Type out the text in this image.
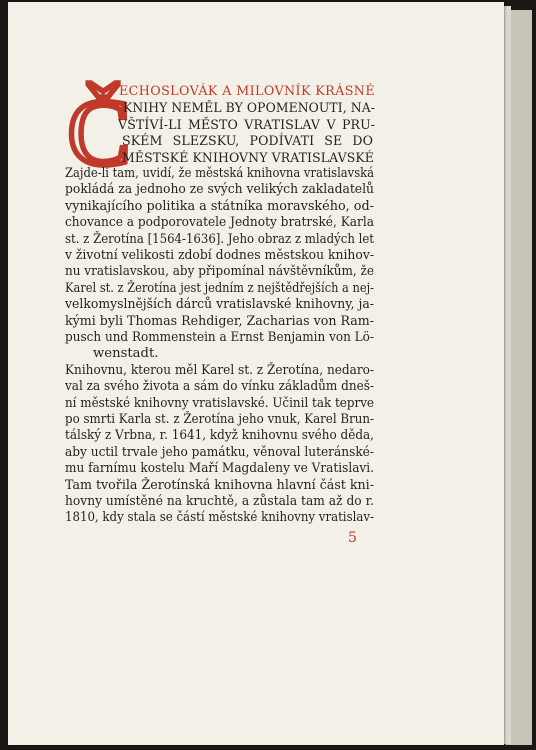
Č
ECHOSLOVÁK A MILOVNÍK KRÁSNÉ
KNIHY NEMĚL BY OPOMENOUTI, NA-
VŠTÍVÍ-LI MĚSTO VRATISLAV V PRU-
SKÉM SLEZSKU, PODÍVATI SE DO
MĚSTSKÉ KNIHOVNY VRATISLAVSKÉ
Zajde-li tam, uvidí, že městská knihovna vratislavská
pokládá za jednoho ze svých velikých zakladatelů
vynikajícího politika a státníka moravského, od-
chovance a podporovatele Jednoty bratrské, Karla
st. z Žerotína [1564-1636]. Jeho obraz z mladých let
v životní velikosti zdobí dodnes městskou knihov-
nu vratislavskou, aby připomínal návštěvníkům, že
Karel st. z Žerotína jest jedním z nejštědřejších a nej-
velkomyslnějších dárců vratislavské knihovny, ja-
kými byli Thomas Rehdiger, Zacharias von Ram-
pusch und Rommenstein a Ernst Benjamin von Lö-
wenstadt.
Knihovnu, kterou měl Karel st. z Žerotína, nedaro-
val za svého života a sám do vínku základům dneš-
ní městské knihovny vratislavské. Učinil tak teprve
po smrti Karla st. z Žerotína jeho vnuk, Karel Brun-
tálský z Vrbna, r. 1641, když knihovnu svého děda,
aby uctil trvale jeho památku, věnoval luteránské-
mu farnímu kostelu Maří Magdaleny ve Vratislavi.
Tam tvořila Žerotínská knihovna hlavní část kni-
hovny umístěné na kruchtě, a zůstala tam až do r.
1810, kdy stala se částí městské knihovny vratislav-
5
